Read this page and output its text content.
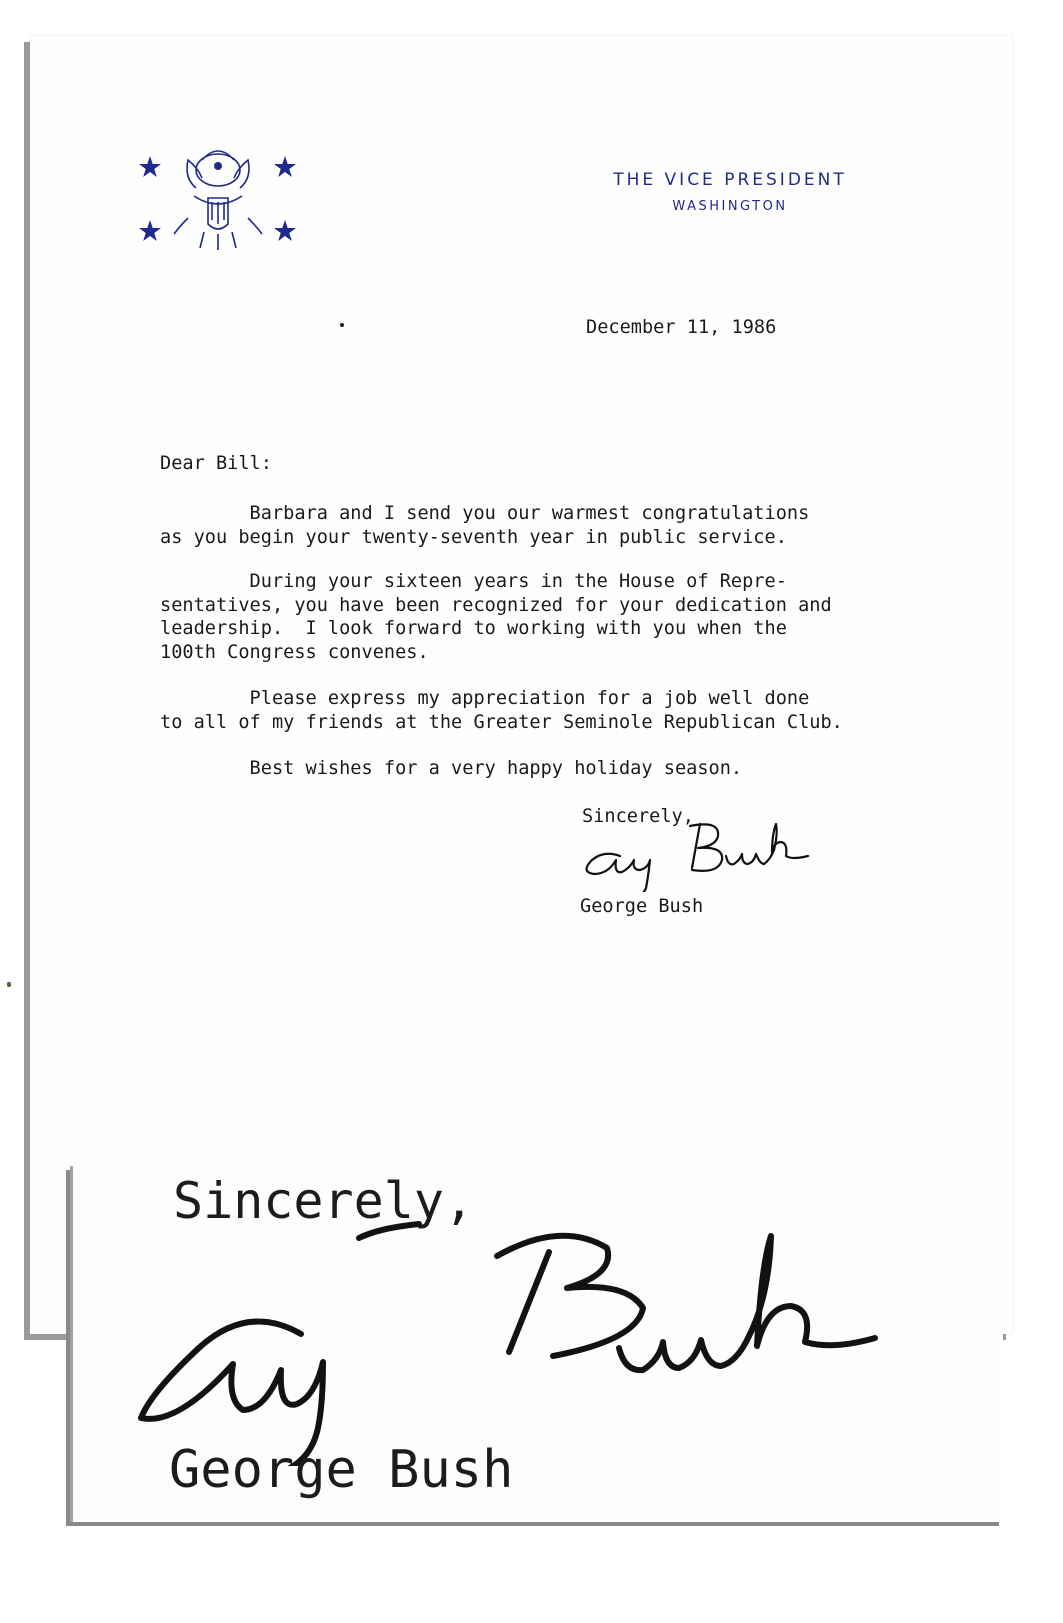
THE VICE PRESIDENT
WASHINGTON
December 11, 1986
Dear Bill:
Barbara and I send you our warmest congratulations
as you begin your twenty-seventh year in public service.
During your sixteen years in the House of Repre-
sentatives, you have been recognized for your dedication and
leadership.  I look forward to working with you when the
100th Congress convenes.
Please express my appreciation for a job well done
to all of my friends at the Greater Seminole Republican Club.
Best wishes for a very happy holiday season.
Sincerely,
George Bush
Sincerely,
George Bush
